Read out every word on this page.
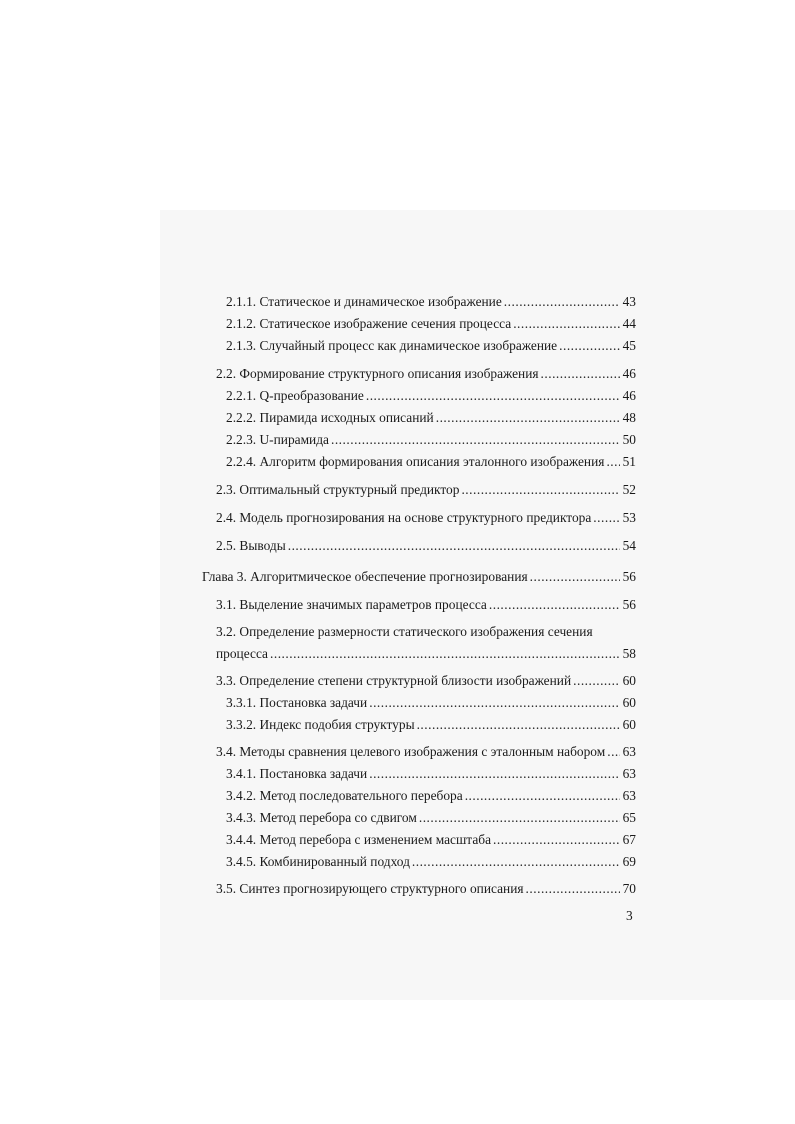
2.1.1. Статическое и динамическое изображение .....	43
2.1.2. Статическое изображение сечения процесса .....	44
2.1.3. Случайный процесс как динамическое изображение .....	45
2.2. Формирование структурного описания изображения .....	46
2.2.1. Q-преобразование .....	46
2.2.2. Пирамида исходных описаний .....	48
2.2.3. U-пирамида .....	50
2.2.4. Алгоритм формирования описания эталонного изображения ..... 51
2.3. Оптимальный структурный предиктор .....	52
2.4. Модель прогнозирования на основе структурного предиктора ..... 53
2.5. Выводы .....	54
Глава 3. Алгоритмическое обеспечение прогнозирования .....	56
3.1. Выделение значимых параметров процесса .....	56
3.2. Определение размерности статического изображения сечения
процесса .....	58
3.3. Определение степени структурной близости изображений .....	60
3.3.1. Постановка задачи .....	60
3.3.2. Индекс подобия структуры .....	60
3.4. Методы сравнения целевого изображения с эталонным набором ..... 63
3.4.1. Постановка задачи .....	63
3.4.2. Метод последовательного перебора .....	63
3.4.3. Метод перебора со сдвигом .....	65
3.4.4. Метод перебора с изменением масштаба .....	67
3.4.5. Комбинированный подход .....	69
3.5. Синтез прогнозирующего структурного описания .....	70
3
